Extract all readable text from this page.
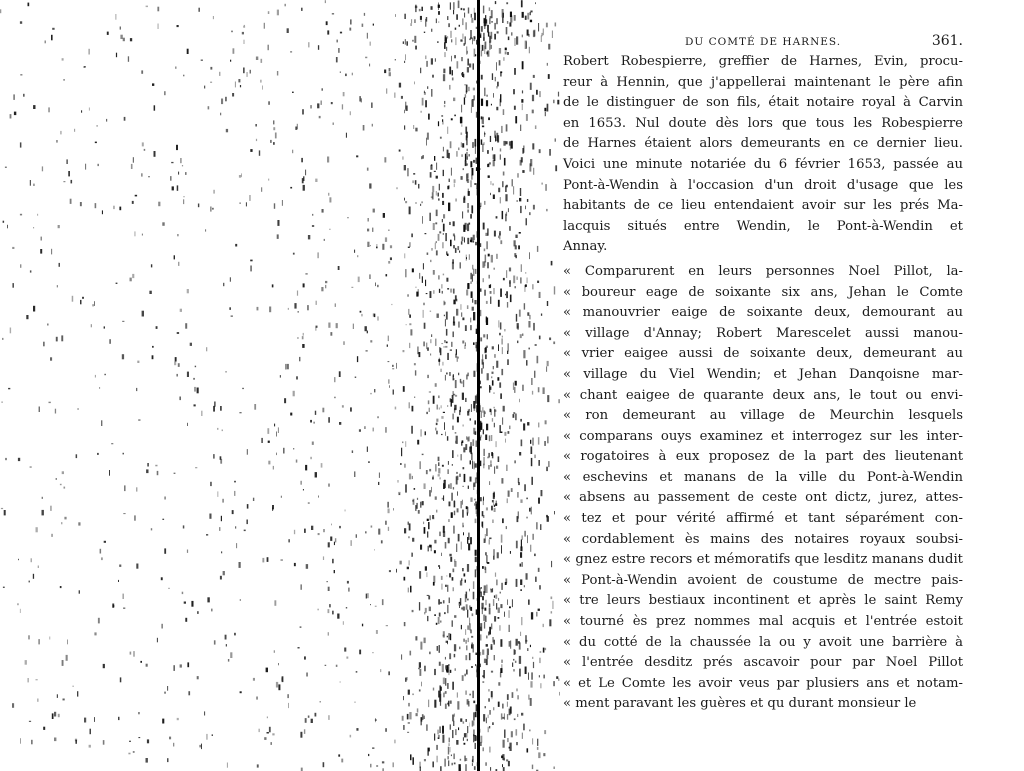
DU COMTÉ DE HARNES.	361.
Robert Robespierre, greffier de Harnes, Evin, procu-
reur à Hennin, que j'appellerai maintenant le père afin
de le distinguer de son fils, était notaire royal à Carvin
en 1653. Nul doute dès lors que tous les Robespierre
de Harnes étaient alors demeurants en ce dernier lieu.
Voici une minute notariée du 6 février 1653, passée au
Pont-à-Wendin à l'occasion d'un droit d'usage que les
habitants de ce lieu entendaient avoir sur les prés Ma-
lacquis situés entre Wendin, le Pont-à-Wendin et
Annay.
« Comparurent en leurs personnes Noel Pillot, la-
« boureur eage de soixante six ans, Jehan le Comte
« manouvrier eaige de soixante deux, demourant au
« village d'Annay; Robert Marescelet aussi manou-
« vrier eaigee aussi de soixante deux, demeurant au
« village du Viel Wendin; et Jehan Danqoisne mar-
« chant eaigee de quarante deux ans, le tout ou envi-
« ron demeurant au village de Meurchin lesquels
« comparans ouys examinez et interrogez sur les inter-
« rogatoires à eux proposez de la part des lieutenant
« eschevins et manans de la ville du Pont-à-Wendin
« absens au passement de ceste ont dictz, jurez, attes-
« tez et pour vérité affirmé et tant séparément con-
« cordablement ès mains des notaires royaux soubsi-
« gnez estre recors et mémoratifs que lesditz manans dudit
« Pont-à-Wendin avoient de coustume de mectre pais-
« tre leurs bestiaux incontinent et après le saint Remy
« tourné ès prez nommes mal acquis et l'entrée estoit
« du cotté de la chaussée la ou y avoit une barrière à
« l'entrée desditz prés ascavoir pour par Noel Pillot
« et Le Comte les avoir veus par plusiers ans et notam-
« ment paravant les guères et qu durant monsieur le
